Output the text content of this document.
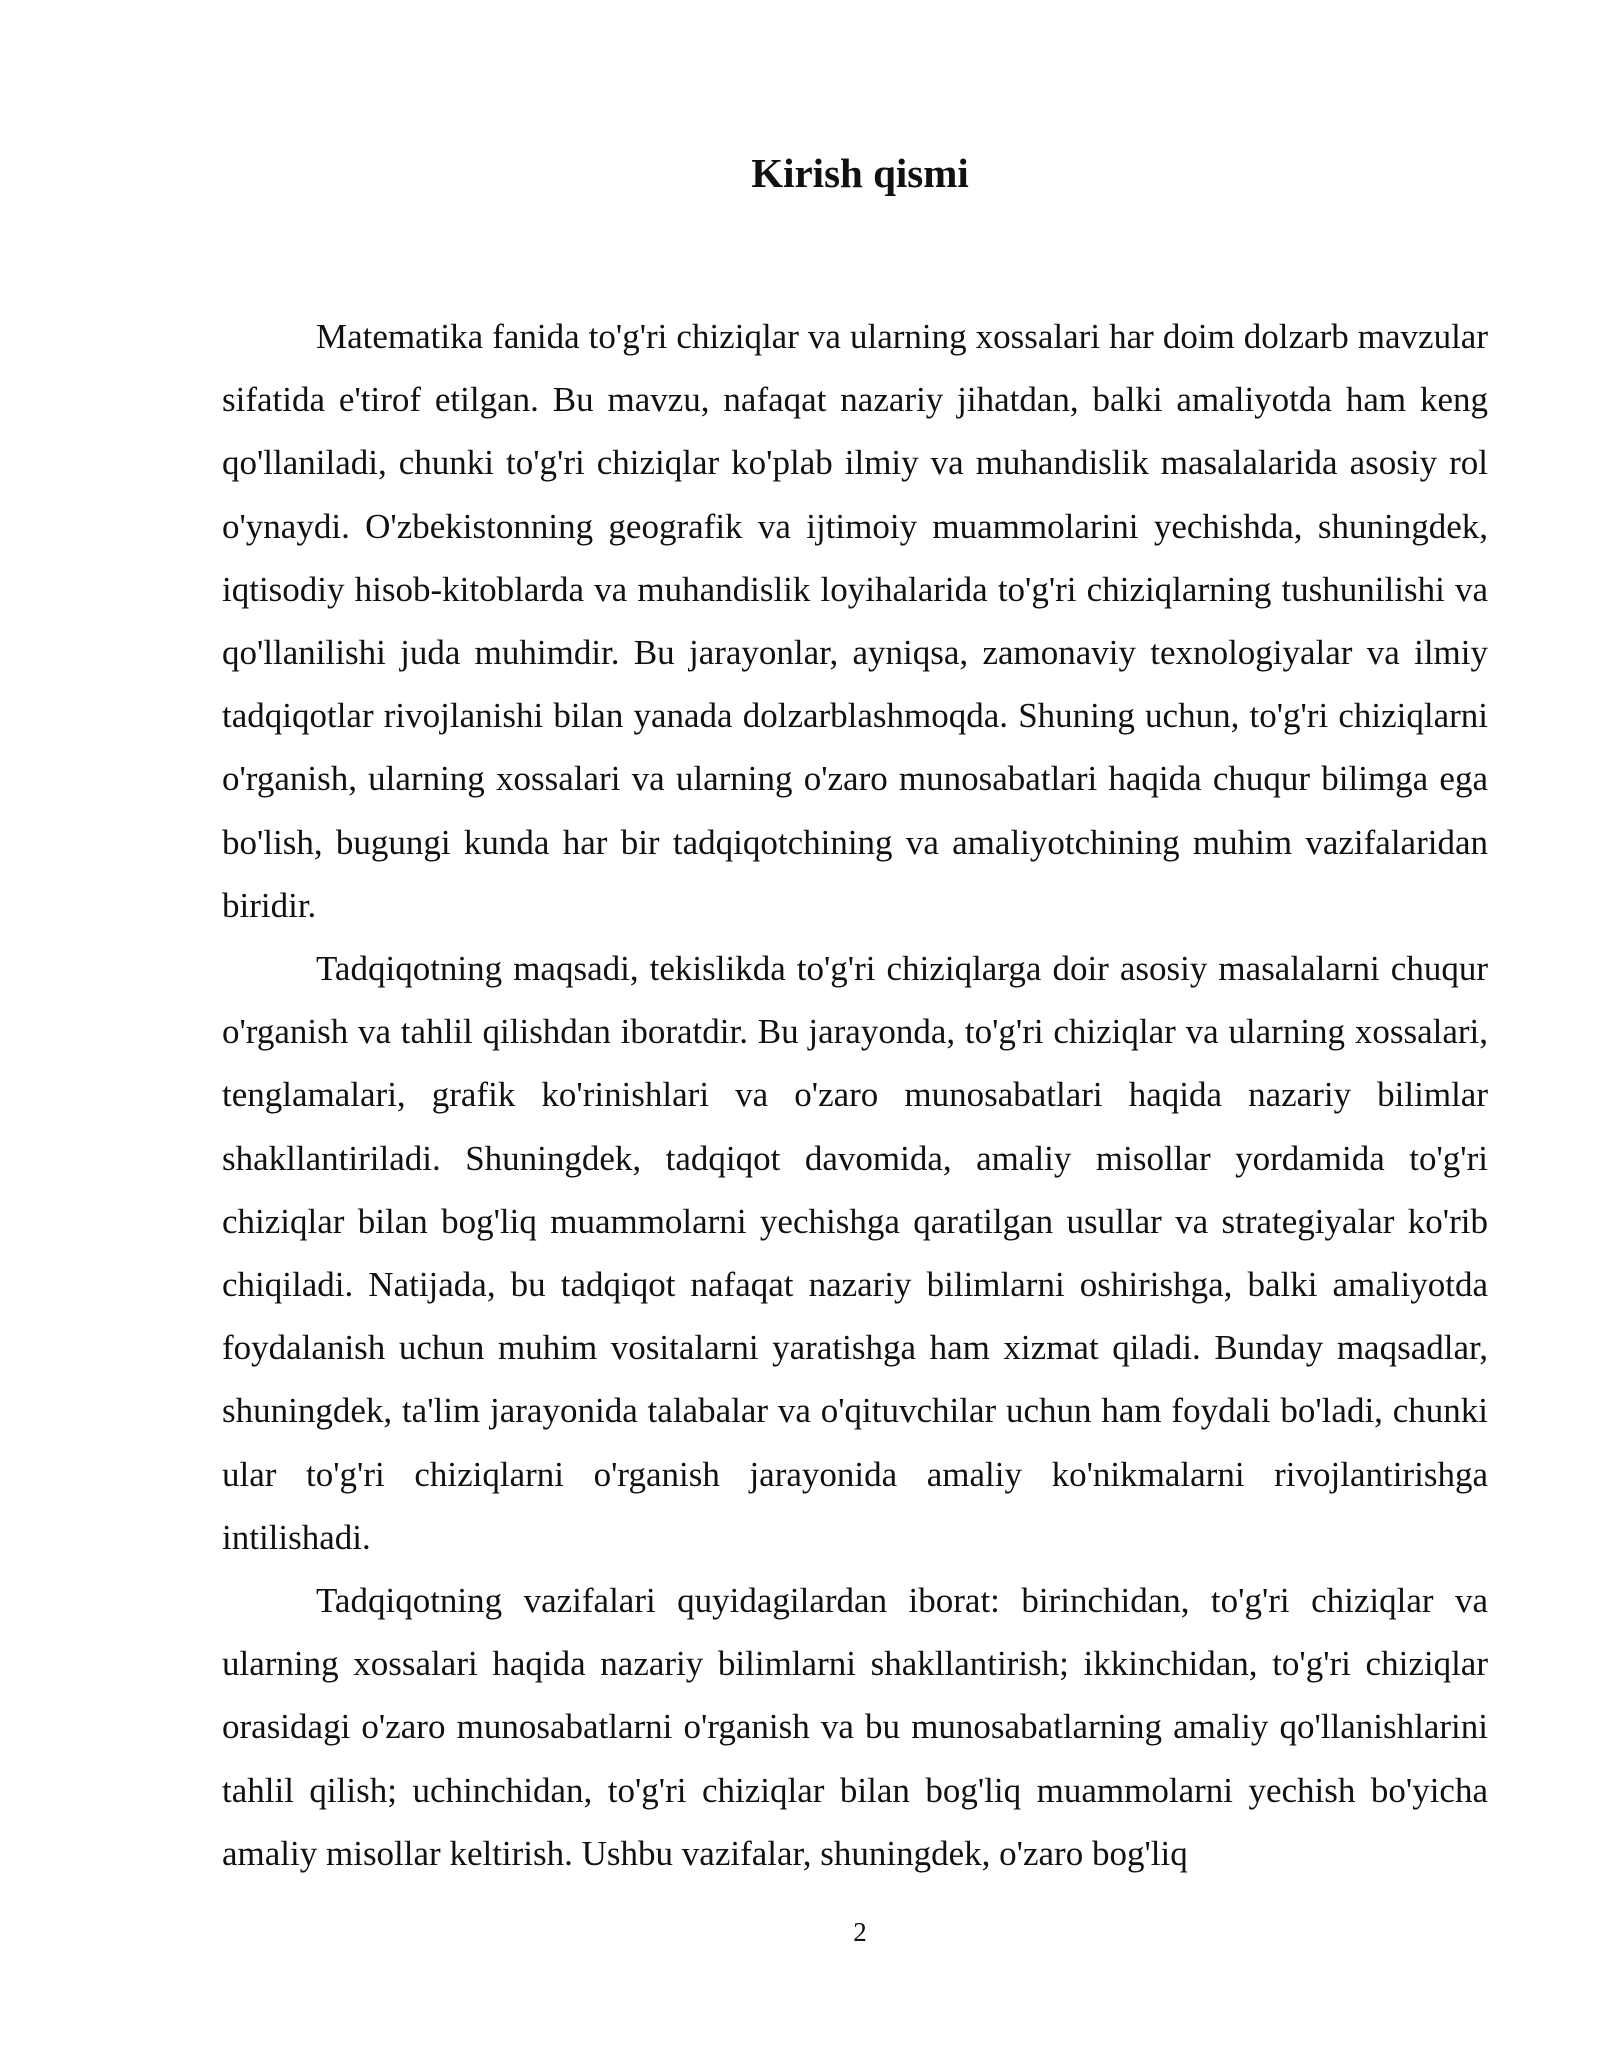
Kirish qismi

Matematika fanida to'g'ri chiziqlar va ularning xossalari har doim dolzarb mavzular sifatida e'tirof etilgan. Bu mavzu, nafaqat nazariy jihatdan, balki amaliyotda ham keng qo'llaniladi, chunki to'g'ri chiziqlar ko'plab ilmiy va muhandislik masalalarida asosiy rol o'ynaydi. O'zbekistonning geografik va ijtimoiy muammolarini yechishda, shuningdek, iqtisodiy hisob-kitoblarda va muhandislik loyihalarida to'g'ri chiziqlarning tushunilishi va qo'llanilishi juda muhimdir. Bu jarayonlar, ayniqsa, zamonaviy texnologiyalar va ilmiy tadqiqotlar rivojlanishi bilan yanada dolzarblashmoqda. Shuning uchun, to'g'ri chiziqlarni o'rganish, ularning xossalari va ularning o'zaro munosabatlari haqida chuqur bilimga ega bo'lish, bugungi kunda har bir tadqiqotchining va amaliyotchining muhim vazifalaridan biridir.

Tadqiqotning maqsadi, tekislikda to'g'ri chiziqlarga doir asosiy masalalarni chuqur o'rganish va tahlil qilishdan iboratdir. Bu jarayonda, to'g'ri chiziqlar va ularning xossalari, tenglamalari, grafik ko'rinishlari va o'zaro munosabatlari haqida nazariy bilimlar shakllantiriladi. Shuningdek, tadqiqot davomida, amaliy misollar yordamida to'g'ri chiziqlar bilan bog'liq muammolarni yechishga qaratilgan usullar va strategiyalar ko'rib chiqiladi. Natijada, bu tadqiqot nafaqat nazariy bilimlarni oshirishga, balki amaliyotda foydalanish uchun muhim vositalarni yaratishga ham xizmat qiladi. Bunday maqsadlar, shuningdek, ta'lim jarayonida talabalar va o'qituvchilar uchun ham foydali bo'ladi, chunki ular to'g'ri chiziqlarni o'rganish jarayonida amaliy ko'nikmalarni rivojlantirishga intilishadi.

Tadqiqotning vazifalari quyidagilardan iborat: birinchidan, to'g'ri chiziqlar va ularning xossalari haqida nazariy bilimlarni shakllantirish; ikkinchidan, to'g'ri chiziqlar orasidagi o'zaro munosabatlarni o'rganish va bu munosabatlarning amaliy qo'llanishlarini tahlil qilish; uchinchidan, to'g'ri chiziqlar bilan bog'liq muammolarni yechish bo'yicha amaliy misollar keltirish. Ushbu vazifalar, shuningdek, o'zaro bog'liq

2
